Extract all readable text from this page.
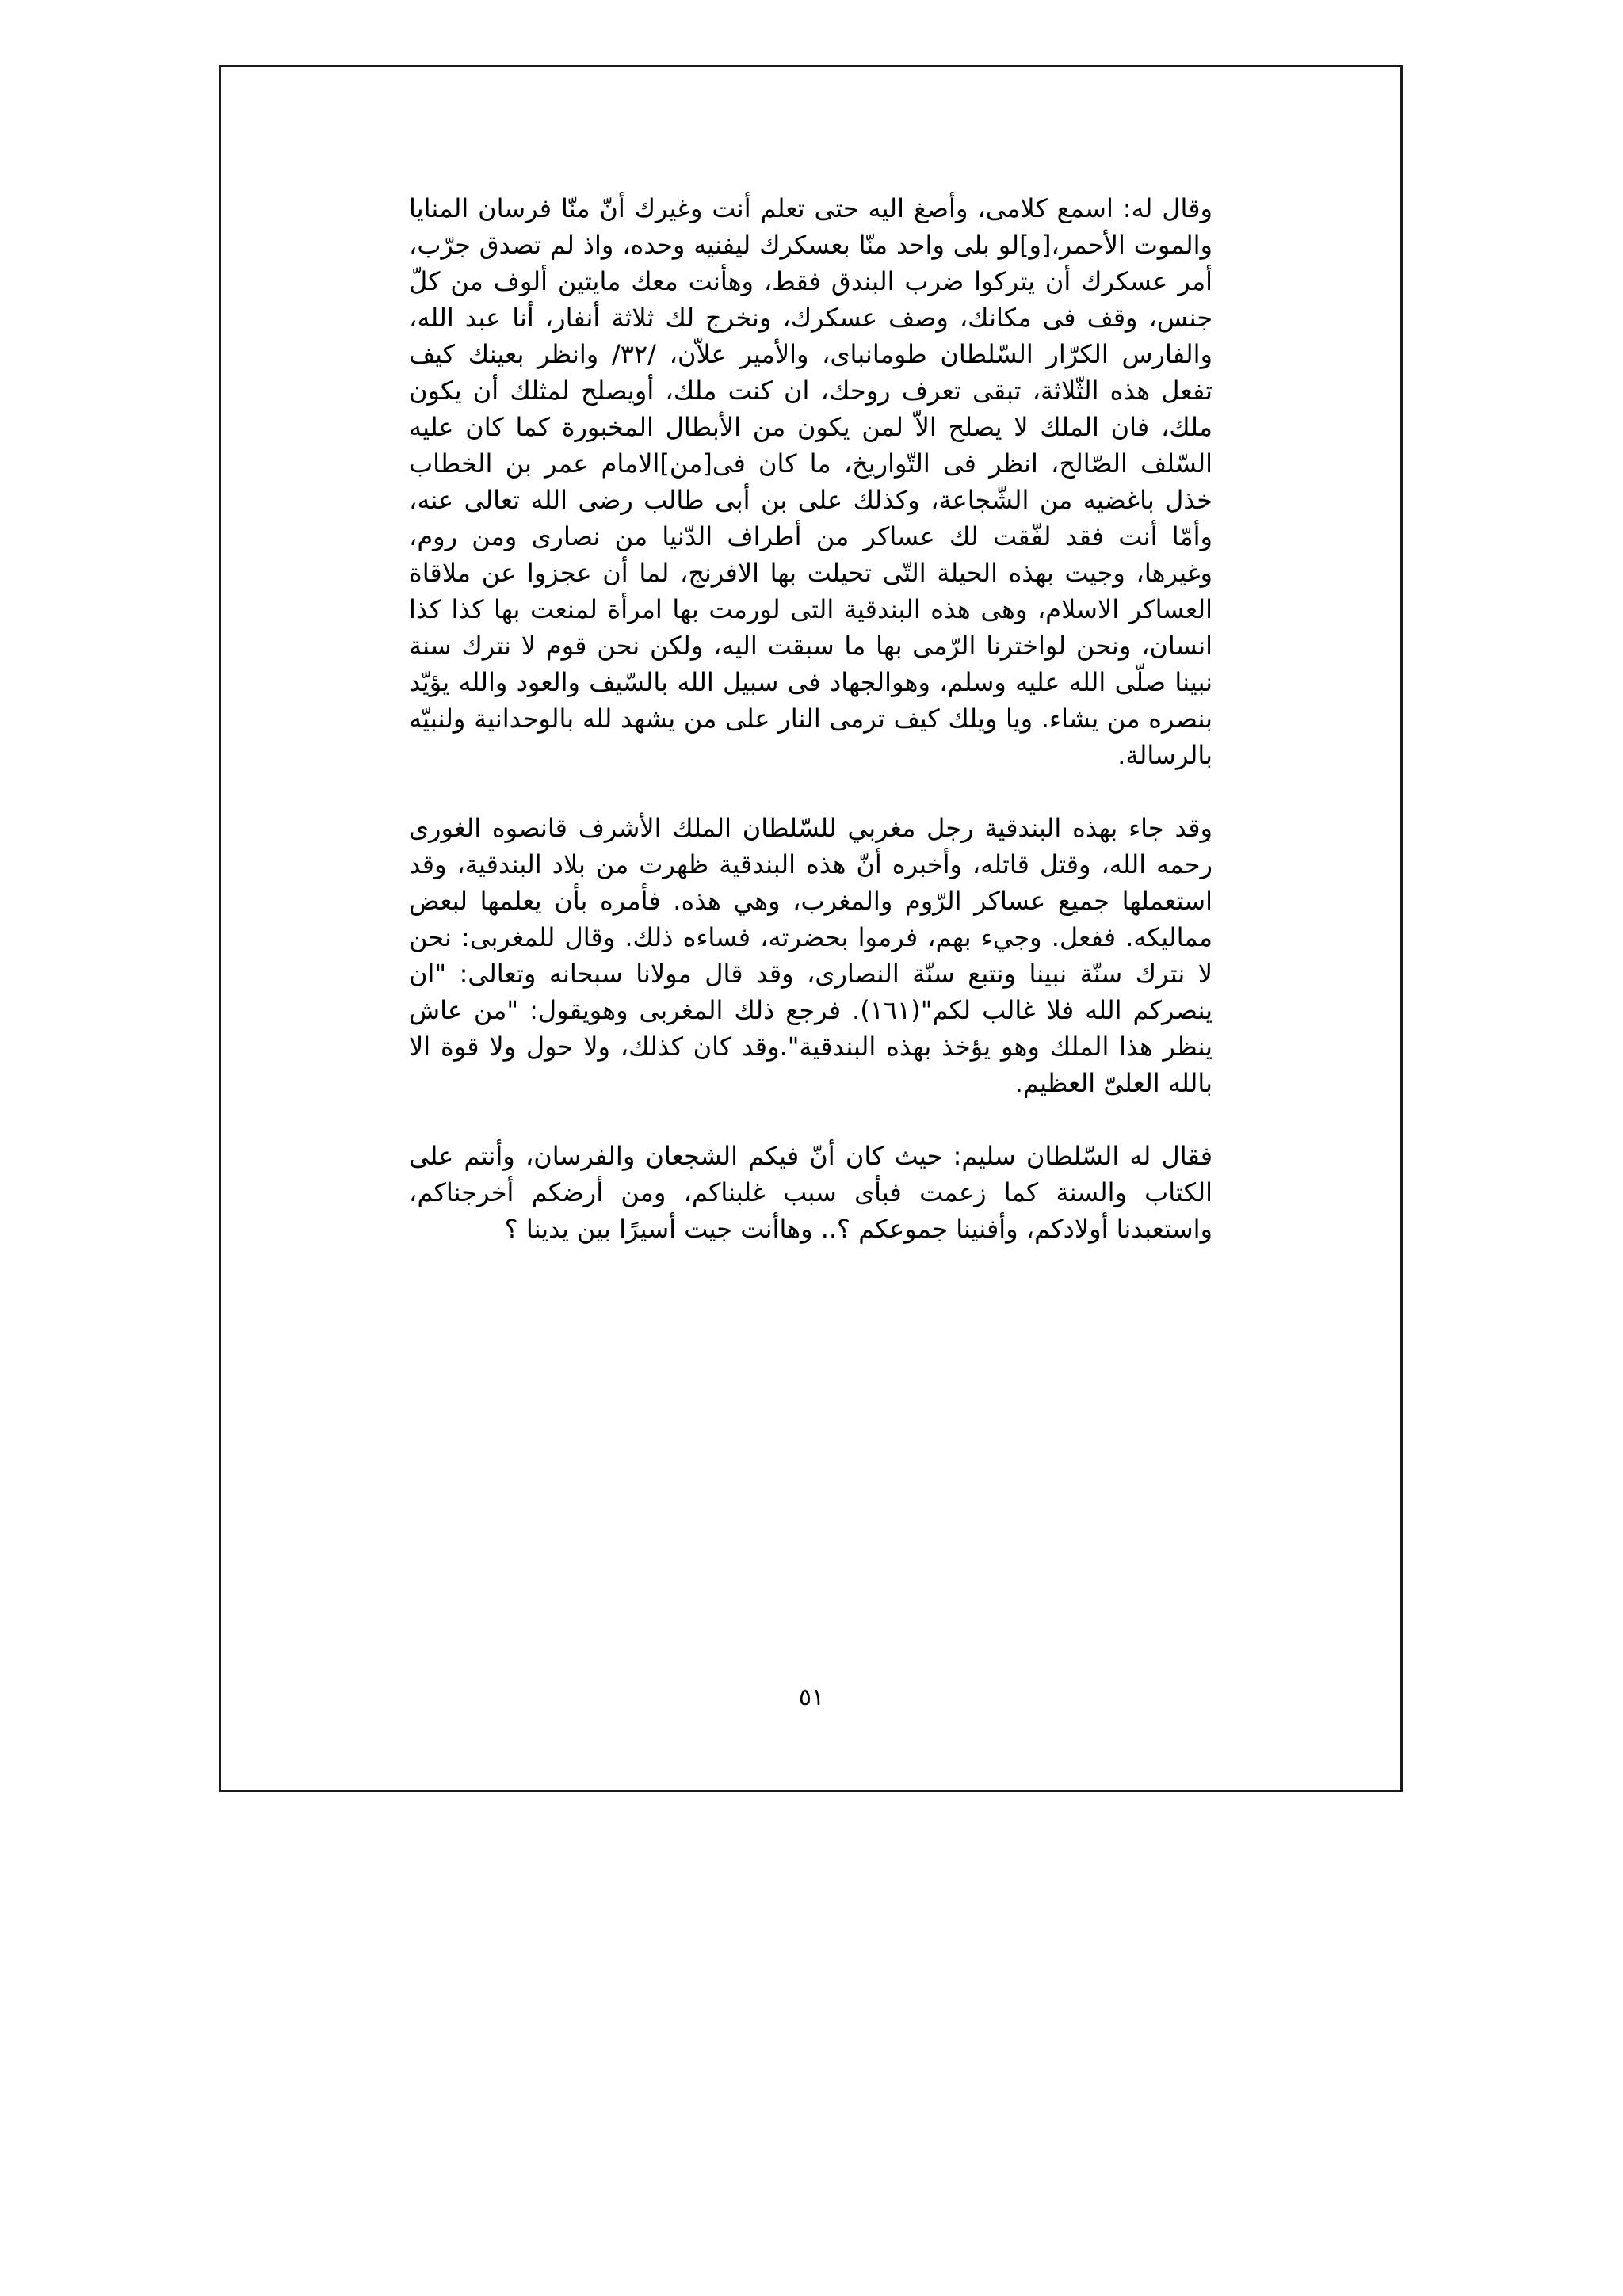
وقال له: اسمع كلامى، وأصغ اليه حتى تعلم أنت وغيرك أنّ منّا فرسان المنايا والموت الأحمر،[و]لو بلى واحد منّا بعسكرك ليفنيه وحده، واذ لم تصدق جرّب، أمر عسكرك أن يتركوا ضرب البندق فقط، وهأنت معك مايتين ألوف من كلّ جنس، وقف فى مكانك، وصف عسكرك، ونخرج لك ثلاثة أنفار، أنا عبد الله، والفارس الكرّار السّلطان طومانباى، والأمير علاّن، /٣٢/ وانظر بعينك كيف تفعل هذه الثّلاثة، تبقى تعرف روحك، ان كنت ملك، أويصلح لمثلك أن يكون ملك، فان الملك لا يصلح الاّ لمن يكون من الأبطال المخبورة كما كان عليه السّلف الصّالح، انظر فى التّواريخ، ما كان فى[من]الامام عمر بن الخطاب خذل باغضيه من الشّجاعة، وكذلك على بن أبى طالب رضى الله تعالى عنه، وأمّا أنت فقد لفّقت لك عساكر من أطراف الدّنيا من نصارى ومن روم، وغيرها، وجيت بهذه الحيلة التّى تحيلت بها الافرنج، لما أن عجزوا عن ملاقاة العساكر الاسلام، وهى هذه البندقية التى لورمت بها امرأة لمنعت بها كذا كذا انسان، ونحن لواخترنا الرّمى بها ما سبقت اليه، ولكن نحن قوم لا نترك سنة نبينا صلّى الله عليه وسلم، وهوالجهاد فى سبيل الله بالسّيف والعود والله يؤيّد بنصره من يشاء. ويا ويلك كيف ترمى النار على من يشهد لله بالوحدانية ولنبيّه بالرسالة.

وقد جاء بهذه البندقية رجل مغربي للسّلطان الملك الأشرف قانصوه الغورى رحمه الله، وقتل قاتله، وأخبره أنّ هذه البندقية ظهرت من بلاد البندقية، وقد استعملها جميع عساكر الرّوم والمغرب، وهي هذه. فأمره بأن يعلمها لبعض مماليكه. ففعل. وجيء بهم، فرموا بحضرته، فساءه ذلك. وقال للمغربى: نحن لا نترك سنّة نبينا ونتبع سنّة النصارى، وقد قال مولانا سبحانه وتعالى: "ان ينصركم الله فلا غالب لكم"(١٦١). فرجع ذلك المغربى وهويقول: "من عاش ينظر هذا الملك وهو يؤخذ بهذه البندقية".وقد كان كذلك، ولا حول ولا قوة الا بالله العلىّ العظيم.

فقال له السّلطان سليم: حيث كان أنّ فيكم الشجعان والفرسان، وأنتم على الكتاب والسنة كما زعمت فبأى سبب غلبناكم، ومن أرضكم أخرجناكم، واستعبدنا أولادكم، وأفنينا جموعكم ؟.. وهاأنت جيت أسيرًا بين يدينا ؟

٥١
